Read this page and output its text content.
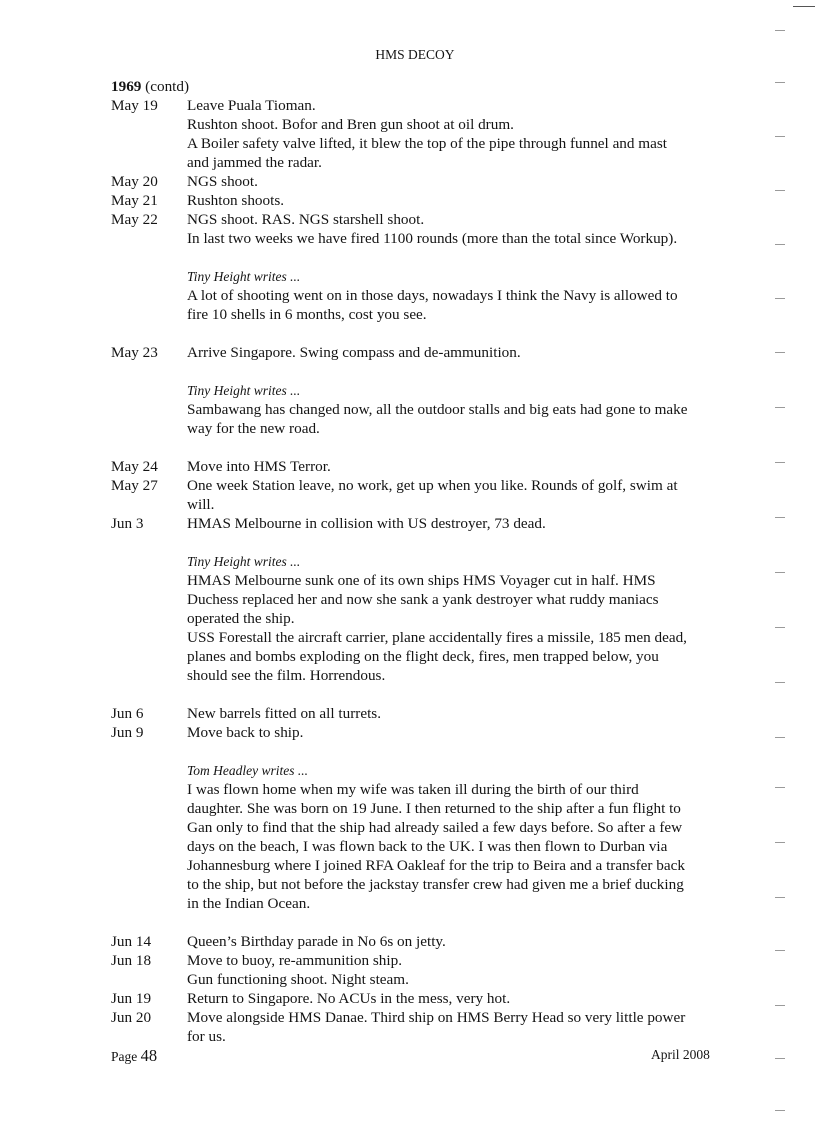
HMS DECOY
1969 (contd)
May 19	Leave Puala Tioman.
Rushton shoot. Bofor and Bren gun shoot at oil drum.
A Boiler safety valve lifted, it blew the top of the pipe through funnel and mast
and jammed the radar.
May 20	NGS shoot.
May 21	Rushton shoots.
May 22	NGS shoot. RAS. NGS starshell shoot.
In last two weeks we have fired 1100 rounds (more than the total since Workup).
Tiny Height writes ...
A lot of shooting went on in those days, nowadays I think the Navy is allowed to
fire 10 shells in 6 months, cost you see.
May 23	Arrive Singapore. Swing compass and de-ammunition.
Tiny Height writes ...
Sambawang has changed now, all the outdoor stalls and big eats had gone to make
way for the new road.
May 24	Move into HMS Terror.
May 27	One week Station leave, no work, get up when you like. Rounds of golf, swim at
will.
Jun 3	HMAS Melbourne in collision with US destroyer, 73 dead.
Tiny Height writes ...
HMAS Melbourne sunk one of its own ships HMS Voyager cut in half. HMS
Duchess replaced her and now she sank a yank destroyer what ruddy maniacs
operated the ship.
USS Forestall the aircraft carrier, plane accidentally fires a missile, 185 men dead,
planes and bombs exploding on the flight deck, fires, men trapped below, you
should see the film. Horrendous.
Jun 6	New barrels fitted on all turrets.
Jun 9	Move back to ship.
Tom Headley writes ...
I was flown home when my wife was taken ill during the birth of our third
daughter. She was born on 19 June. I then returned to the ship after a fun flight to
Gan only to find that the ship had already sailed a few days before. So after a few
days on the beach, I was flown back to the UK. I was then flown to Durban via
Johannesburg where I joined RFA Oakleaf for the trip to Beira and a transfer back
to the ship, but not before the jackstay transfer crew had given me a brief ducking
in the Indian Ocean.
Jun 14	Queen’s Birthday parade in No 6s on jetty.
Jun 18	Move to buoy, re-ammunition ship.
Gun functioning shoot. Night steam.
Jun 19	Return to Singapore. No ACUs in the mess, very hot.
Jun 20	Move alongside HMS Danae. Third ship on HMS Berry Head so very little power
for us.
Page 48	April 2008
